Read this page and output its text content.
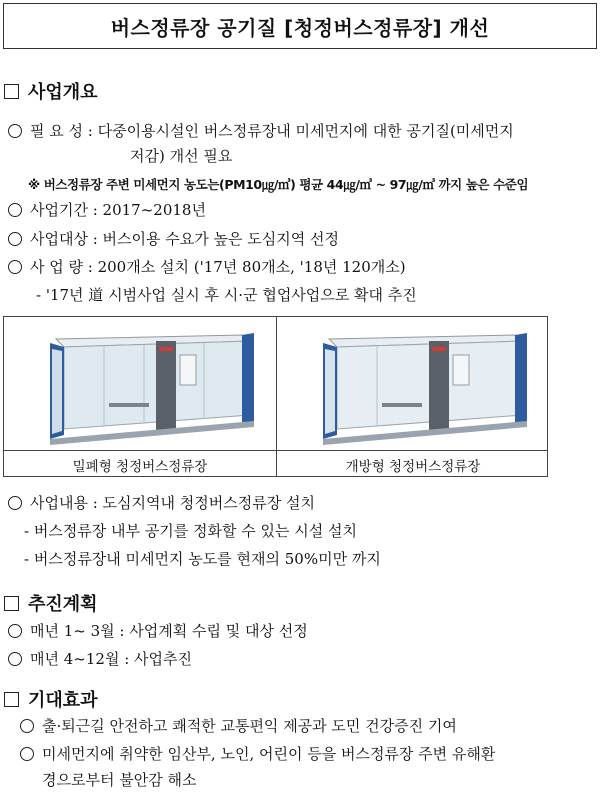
버스정류장 공기질 [청정버스정류장] 개선
사업개요
필 요 성 : 다중이용시설인 버스정류장내 미세먼지에 대한 공기질(미세먼지
저감) 개선 필요
※ 버스정류장 주변 미세먼지 농도는(PM10㎍/㎥) 평균 44㎍/㎥ ~ 97㎍/㎥ 까지 높은 수준임
사업기간 : 2017~2018년
사업대상 : 버스이용 수요가 높은 도심지역 선정
사 업 량 : 200개소 설치 ('17년 80개소, '18년 120개소)
- '17년 道 시범사업 실시 후 시·군 협업사업으로 확대 추진
밀폐형 청정버스정류장	개방형 청정버스정류장
사업내용 : 도심지역내 청정버스정류장 설치
- 버스정류장 내부 공기를 정화할 수 있는 시설 설치
- 버스정류장내 미세먼지 농도를 현재의 50%미만 까지
추진계획
매년 1~ 3월 : 사업계획 수립 및 대상 선정
매년 4~12월 : 사업추진
기대효과
출·퇴근길 안전하고 쾌적한 교통편익 제공과 도민 건강증진 기여
미세먼지에 취약한 임산부, 노인, 어린이 등을 버스정류장 주변 유해환
경으로부터 불안감 해소
